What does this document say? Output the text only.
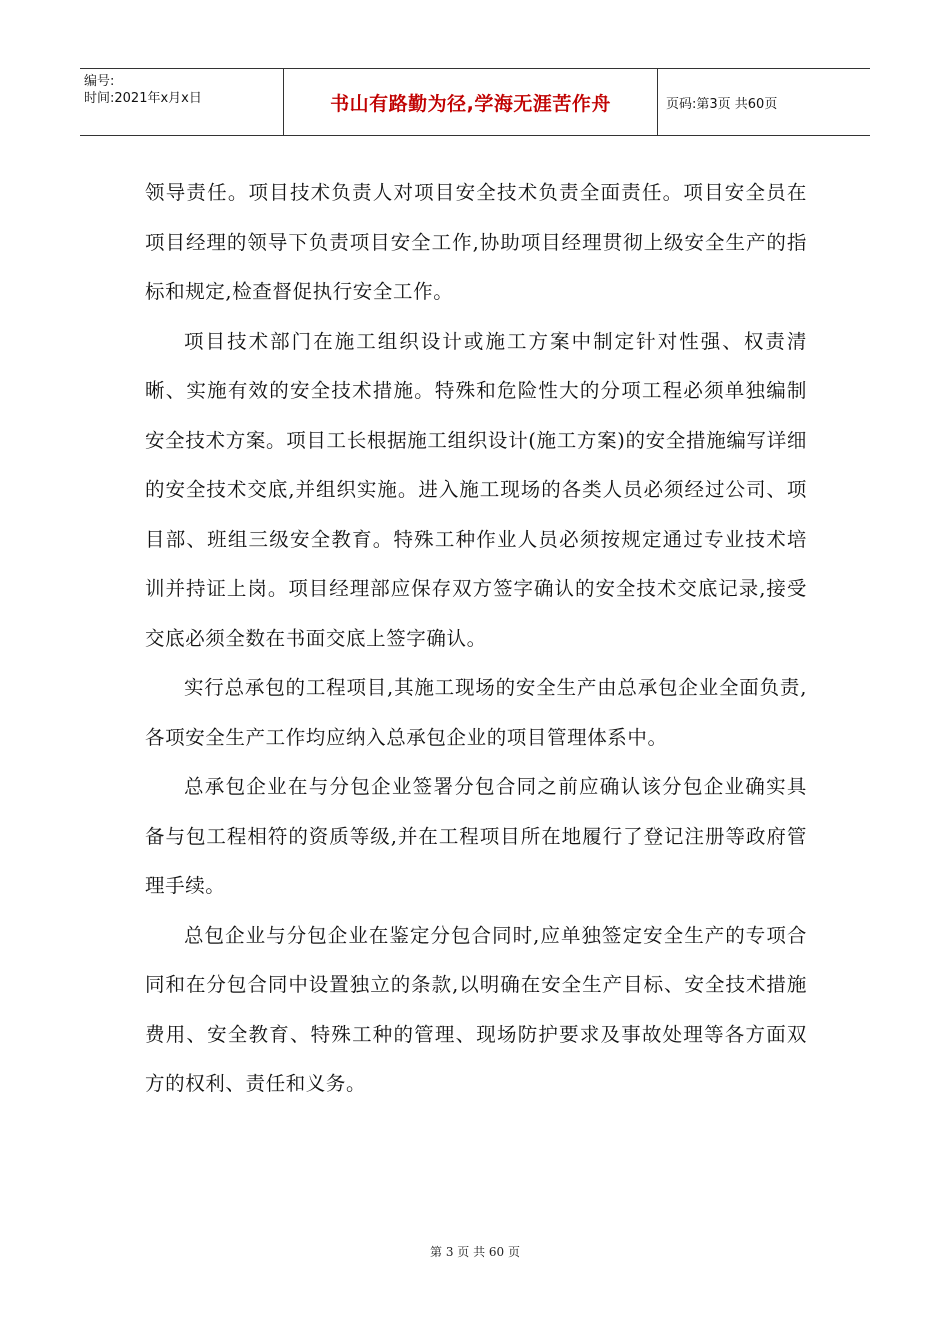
编号:
时间:2021年x月x日	书山有路勤为径,学海无涯苦作舟	页码:第3页 共60页

领导责任。项目技术负责人对项目安全技术负责全面责任。项目安全员在项目经理的领导下负责项目安全工作,协助项目经理贯彻上级安全生产的指标和规定,检查督促执行安全工作。

项目技术部门在施工组织设计或施工方案中制定针对性强、权责清晰、实施有效的安全技术措施。特殊和危险性大的分项工程必须单独编制安全技术方案。项目工长根据施工组织设计(施工方案)的安全措施编写详细的安全技术交底,并组织实施。进入施工现场的各类人员必须经过公司、项目部、班组三级安全教育。特殊工种作业人员必须按规定通过专业技术培训并持证上岗。项目经理部应保存双方签字确认的安全技术交底记录,接受交底必须全数在书面交底上签字确认。

实行总承包的工程项目,其施工现场的安全生产由总承包企业全面负责,各项安全生产工作均应纳入总承包企业的项目管理体系中。

总承包企业在与分包企业签署分包合同之前应确认该分包企业确实具备与包工程相符的资质等级,并在工程项目所在地履行了登记注册等政府管理手续。

总包企业与分包企业在鉴定分包合同时,应单独签定安全生产的专项合同和在分包合同中设置独立的条款,以明确在安全生产目标、安全技术措施费用、安全教育、特殊工种的管理、现场防护要求及事故处理等各方面双方的权利、责任和义务。

第 3 页 共 60 页
